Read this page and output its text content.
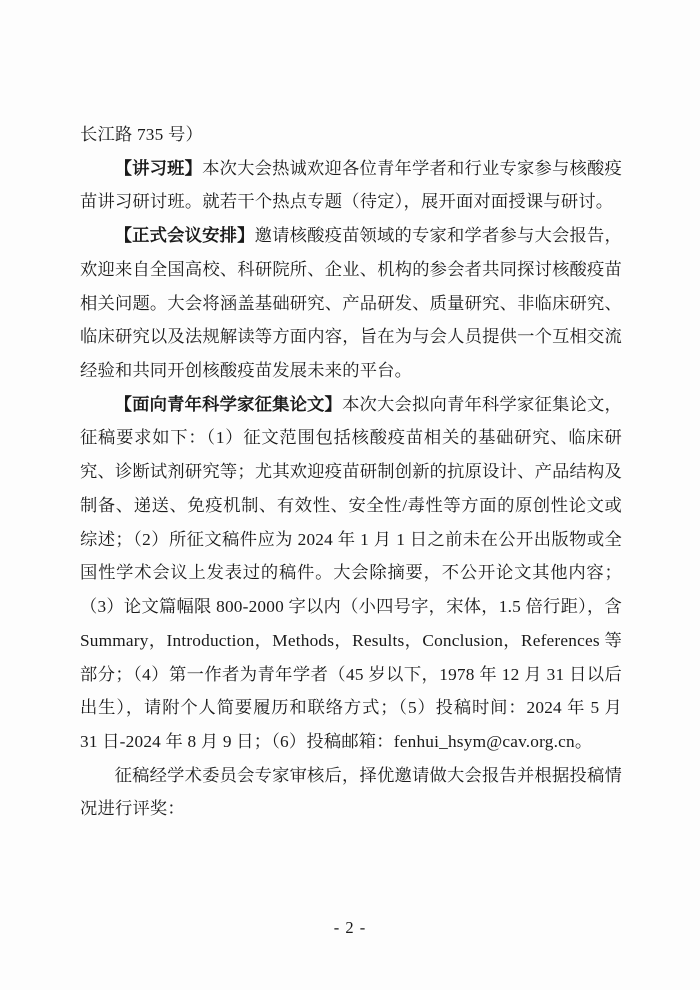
长江路 735 号）

【讲习班】本次大会热诚欢迎各位青年学者和行业专家参与核酸疫苗讲习研讨班。就若干个热点专题（待定），展开面对面授课与研讨。

【正式会议安排】邀请核酸疫苗领域的专家和学者参与大会报告，欢迎来自全国高校、科研院所、企业、机构的参会者共同探讨核酸疫苗相关问题。大会将涵盖基础研究、产品研发、质量研究、非临床研究、临床研究以及法规解读等方面内容，旨在为与会人员提供一个互相交流经验和共同开创核酸疫苗发展未来的平台。

【面向青年科学家征集论文】本次大会拟向青年科学家征集论文，征稿要求如下：（1）征文范围包括核酸疫苗相关的基础研究、临床研究、诊断试剂研究等；尤其欢迎疫苗研制创新的抗原设计、产品结构及制备、递送、免疫机制、有效性、安全性/毒性等方面的原创性论文或综述；（2）所征文稿件应为 2024 年 1 月 1 日之前未在公开出版物或全国性学术会议上发表过的稿件。大会除摘要，不公开论文其他内容；（3）论文篇幅限 800-2000 字以内（小四号字，宋体，1.5 倍行距），含 Summary，Introduction，Methods，Results，Conclusion，References 等部分；（4）第一作者为青年学者（45 岁以下，1978 年 12 月 31 日以后出生），请附个人简要履历和联络方式；（5）投稿时间：2024 年 5 月 31 日-2024 年 8 月 9 日；（6）投稿邮箱：fenhui_hsym@cav.org.cn。

征稿经学术委员会专家审核后，择优邀请做大会报告并根据投稿情况进行评奖：

- 2 -
